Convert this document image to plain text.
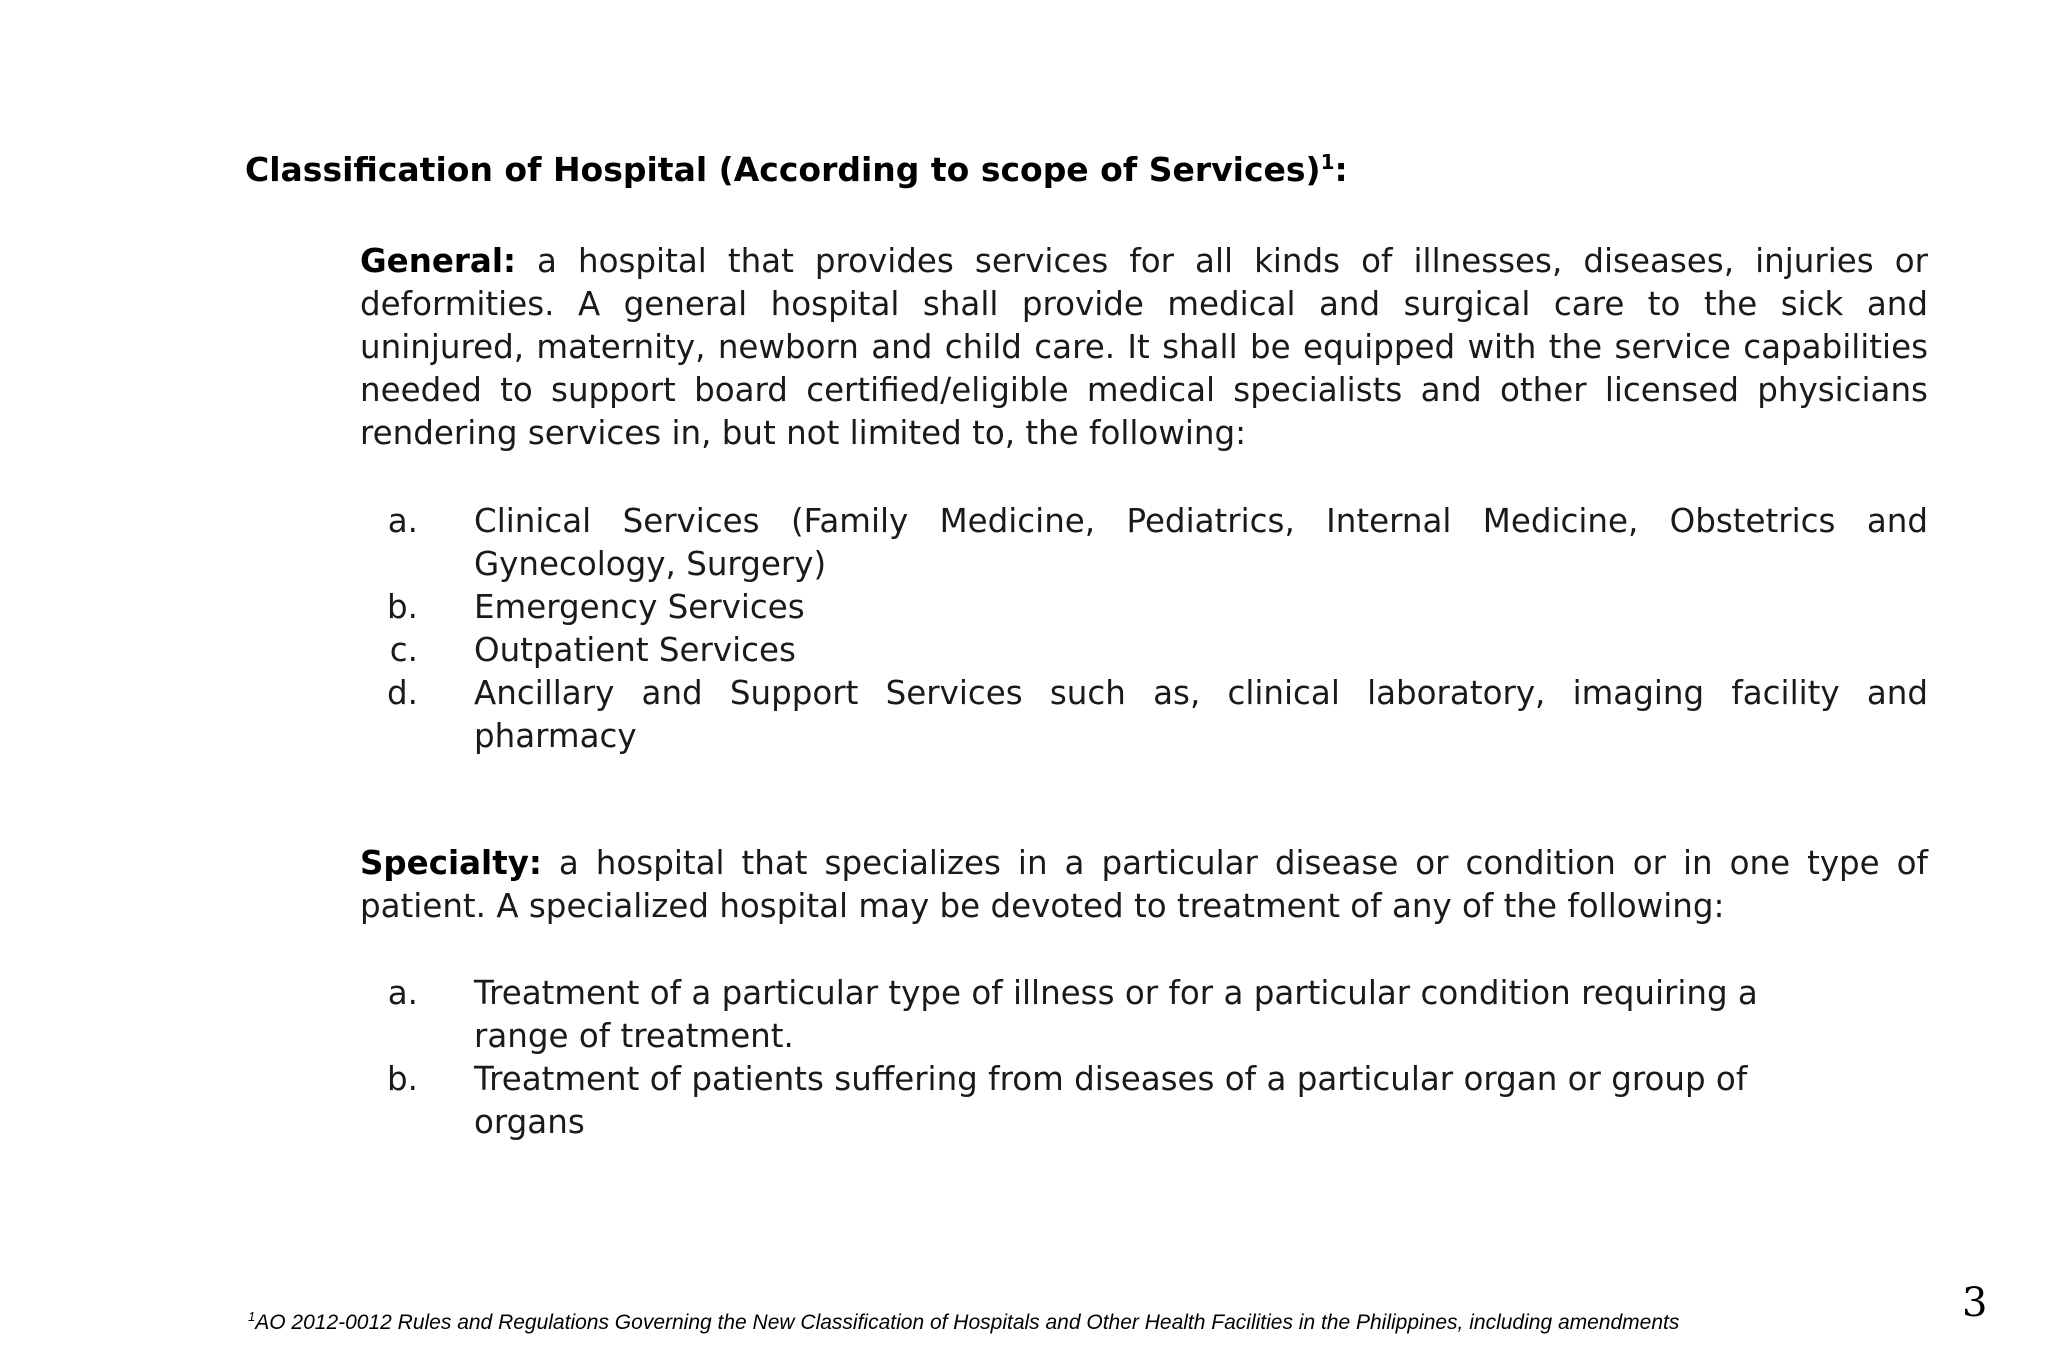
Classification of Hospital (According to scope of Services)$^1$:

General: a hospital that provides services for all kinds of illnesses, diseases, injuries or deformities. A general hospital shall provide medical and surgical care to the sick and uninjured, maternity, newborn and child care. It shall be equipped with the service capabilities needed to support board certified/eligible medical specialists and other licensed physicians rendering services in, but not limited to, the following:

a. Clinical Services (Family Medicine, Pediatrics, Internal Medicine, Obstetrics and Gynecology, Surgery)
b. Emergency Services
c. Outpatient Services
d. Ancillary and Support Services such as, clinical laboratory, imaging facility and pharmacy

Specialty: a hospital that specializes in a particular disease or condition or in one type of patient. A specialized hospital may be devoted to treatment of any of the following:

a. Treatment of a particular type of illness or for a particular condition requiring a range of treatment.
b. Treatment of patients suffering from diseases of a particular organ or group of organs
$^1$AO 2012-0012 Rules and Regulations Governing the New Classification of Hospitals and Other Health Facilities in the Philippines, including amendments	3
